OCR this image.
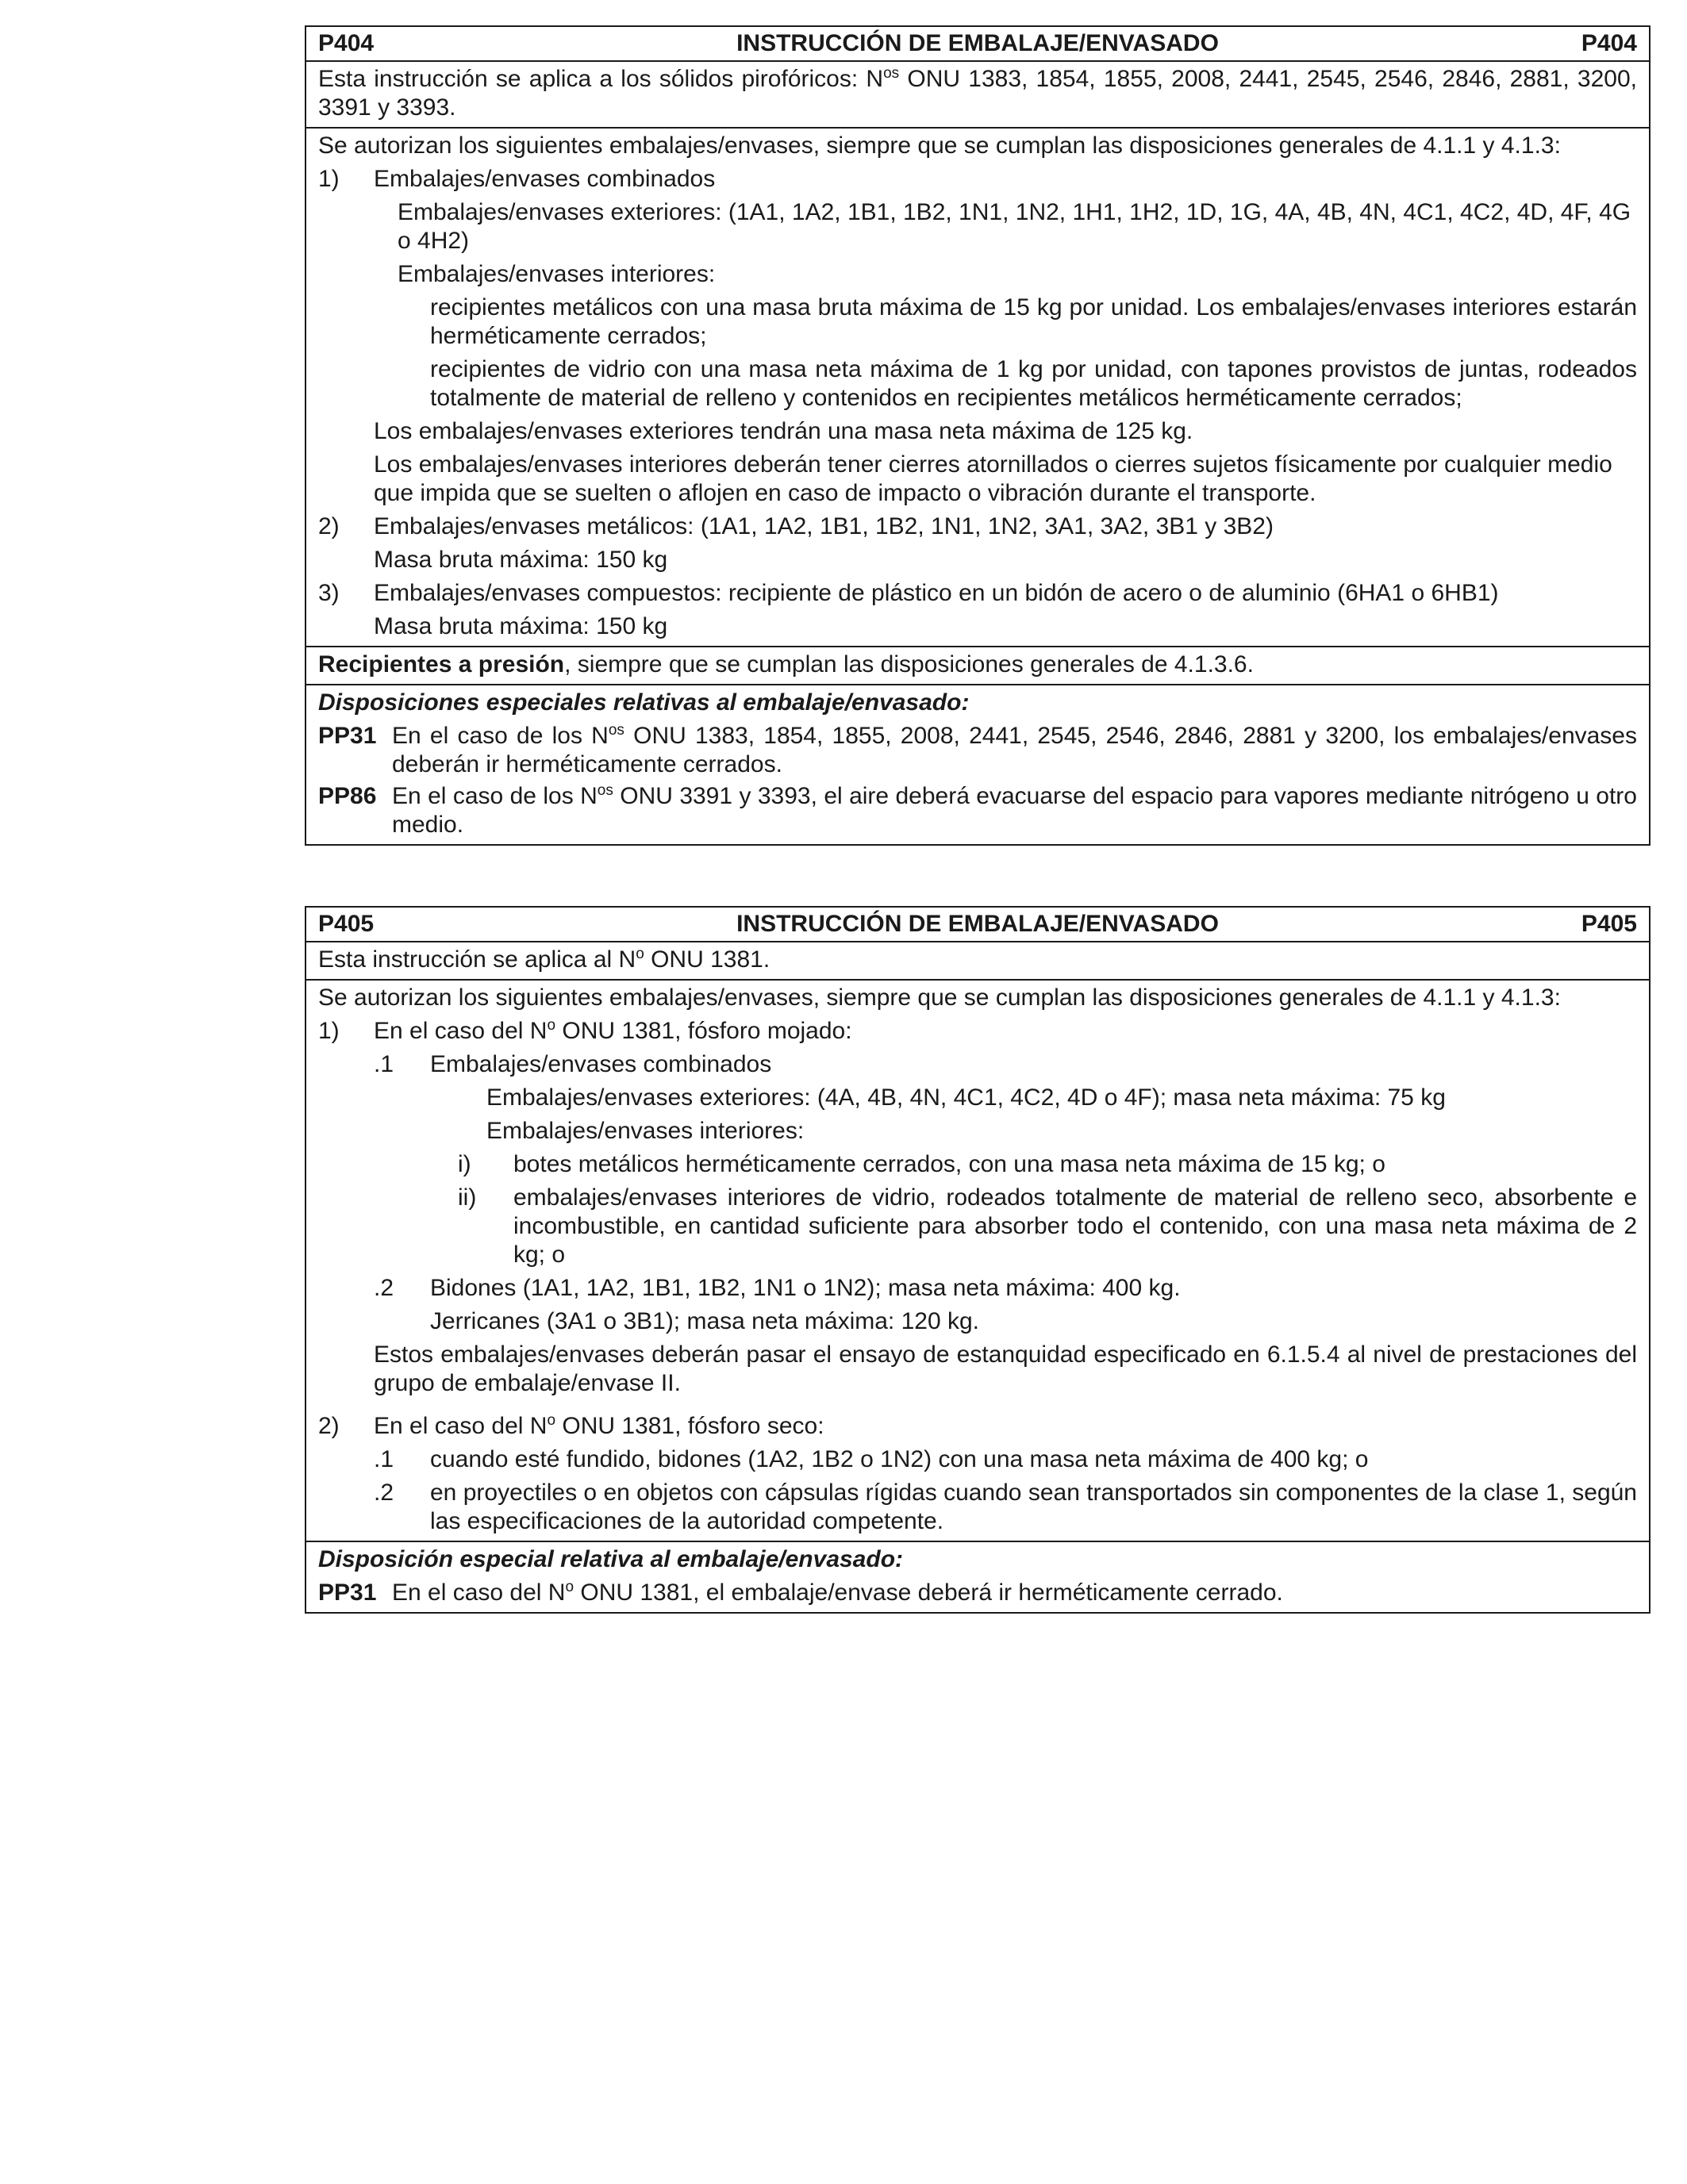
P404	INSTRUCCIÓN DE EMBALAJE/ENVASADO	P404
Esta instrucción se aplica a los sólidos pirofóricos: $N^{os}$ ONU 1383, 1854, 1855, 2008, 2441, 2545, 2546, 2846, 2881, 3200, 3391 y 3393.
Se autorizan los siguientes embalajes/envases, siempre que se cumplan las disposiciones generales de 4.1.1 y 4.1.3:
1) Embalajes/envases combinados
Embalajes/envases exteriores: (1A1, 1A2, 1B1, 1B2, 1N1, 1N2, 1H1, 1H2, 1D, 1G, 4A, 4B, 4N, 4C1, 4C2, 4D, 4F, 4G o 4H2)
Embalajes/envases interiores:
recipientes metálicos con una masa bruta máxima de 15 kg por unidad. Los embalajes/envases interiores estarán herméticamente cerrados;
recipientes de vidrio con una masa neta máxima de 1 kg por unidad, con tapones provistos de juntas, rodeados totalmente de material de relleno y contenidos en recipientes metálicos herméticamente cerrados;
Los embalajes/envases exteriores tendrán una masa neta máxima de 125 kg.
Los embalajes/envases interiores deberán tener cierres atornillados o cierres sujetos físicamente por cualquier medio que impida que se suelten o aflojen en caso de impacto o vibración durante el transporte.
2) Embalajes/envases metálicos: (1A1, 1A2, 1B1, 1B2, 1N1, 1N2, 3A1, 3A2, 3B1 y 3B2)
Masa bruta máxima: 150 kg
3) Embalajes/envases compuestos: recipiente de plástico en un bidón de acero o de aluminio (6HA1 o 6HB1)
Masa bruta máxima: 150 kg
Recipientes a presión, siempre que se cumplan las disposiciones generales de 4.1.3.6.
Disposiciones especiales relativas al embalaje/envasado:
PP31 En el caso de los $N^{os}$ ONU 1383, 1854, 1855, 2008, 2441, 2545, 2546, 2846, 2881 y 3200, los embalajes/envases deberán ir herméticamente cerrados.
PP86 En el caso de los $N^{os}$ ONU 3391 y 3393, el aire deberá evacuarse del espacio para vapores mediante nitrógeno u otro medio.
P405	INSTRUCCIÓN DE EMBALAJE/ENVASADO	P405
Esta instrucción se aplica al $N^o$ ONU 1381.
Se autorizan los siguientes embalajes/envases, siempre que se cumplan las disposiciones generales de 4.1.1 y 4.1.3:
1) En el caso del $N^o$ ONU 1381, fósforo mojado:
.1 Embalajes/envases combinados
Embalajes/envases exteriores: (4A, 4B, 4N, 4C1, 4C2, 4D o 4F); masa neta máxima: 75 kg
Embalajes/envases interiores:
i) botes metálicos herméticamente cerrados, con una masa neta máxima de 15 kg; o
ii) embalajes/envases interiores de vidrio, rodeados totalmente de material de relleno seco, absorbente e incombustible, en cantidad suficiente para absorber todo el contenido, con una masa neta máxima de 2 kg; o
.2 Bidones (1A1, 1A2, 1B1, 1B2, 1N1 o 1N2); masa neta máxima: 400 kg.
Jerricanes (3A1 o 3B1); masa neta máxima: 120 kg.
Estos embalajes/envases deberán pasar el ensayo de estanquidad especificado en 6.1.5.4 al nivel de prestaciones del grupo de embalaje/envase II.
2) En el caso del $N^o$ ONU 1381, fósforo seco:
.1 cuando esté fundido, bidones (1A2, 1B2 o 1N2) con una masa neta máxima de 400 kg; o
.2 en proyectiles o en objetos con cápsulas rígidas cuando sean transportados sin componentes de la clase 1, según las especificaciones de la autoridad competente.
Disposición especial relativa al embalaje/envasado:
PP31 En el caso del $N^o$ ONU 1381, el embalaje/envase deberá ir herméticamente cerrado.
